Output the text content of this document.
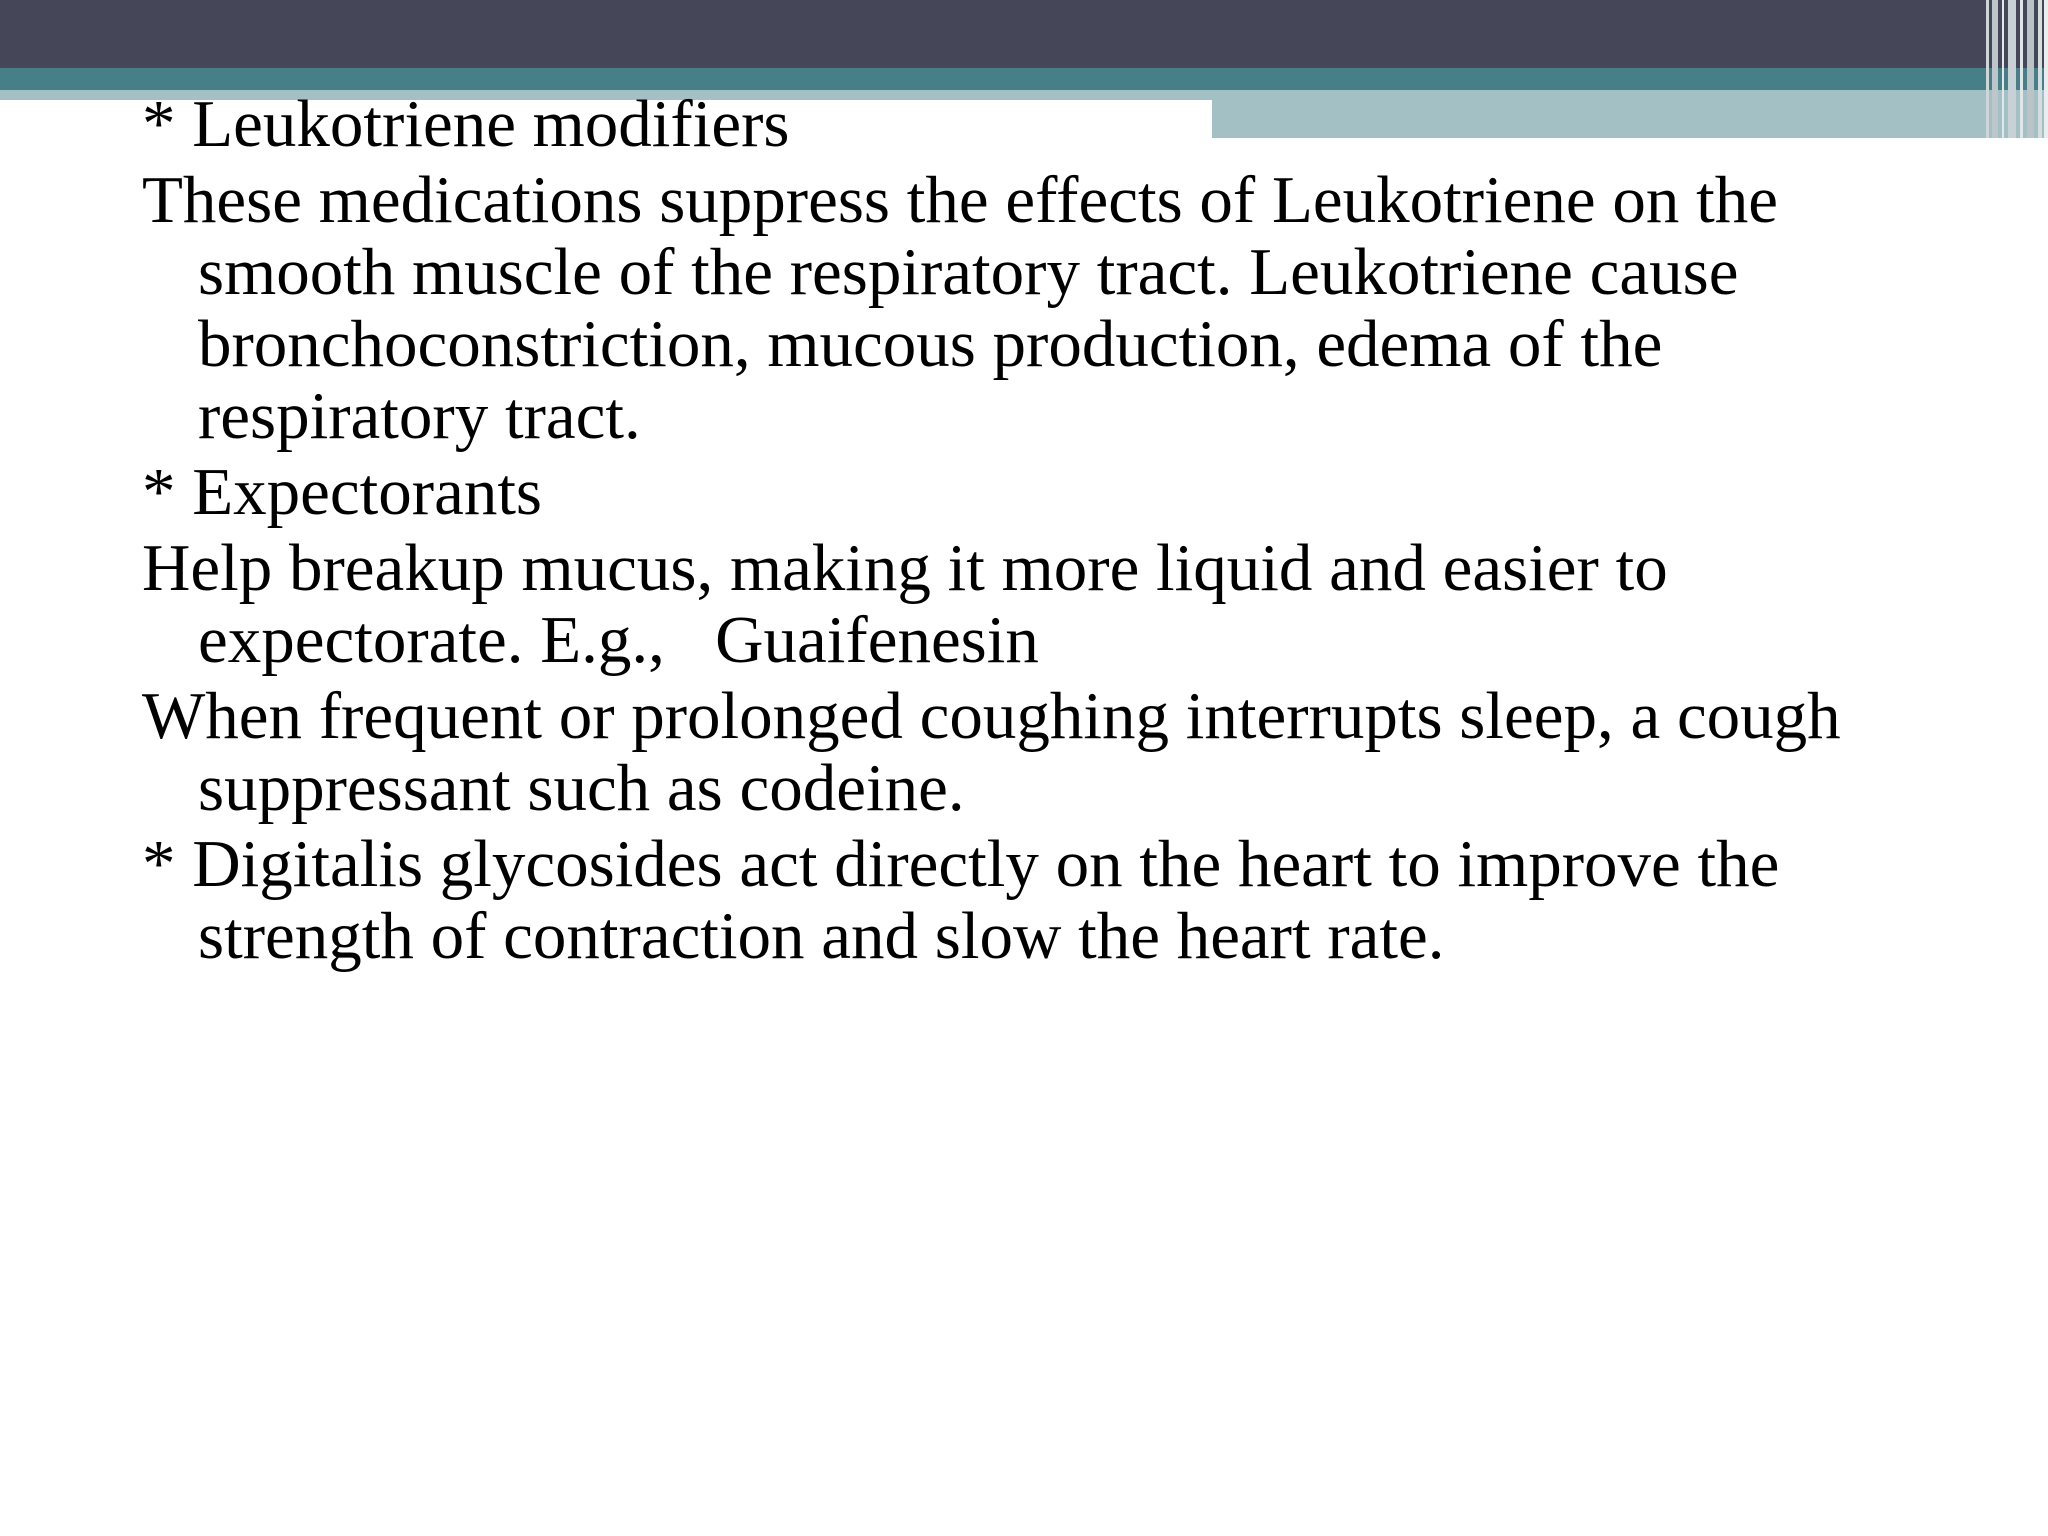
* Leukotriene modifiers

These medications suppress the effects of Leukotriene on the smooth muscle of the respiratory tract. Leukotriene cause bronchoconstriction, mucous production, edema of the respiratory tract.

* Expectorants

Help breakup mucus, making it more liquid and easier to expectorate. E.g.,   Guaifenesin

When frequent or prolonged coughing interrupts sleep, a cough suppressant such as codeine.

* Digitalis glycosides act directly on the heart to improve the strength of contraction and slow the heart rate.
